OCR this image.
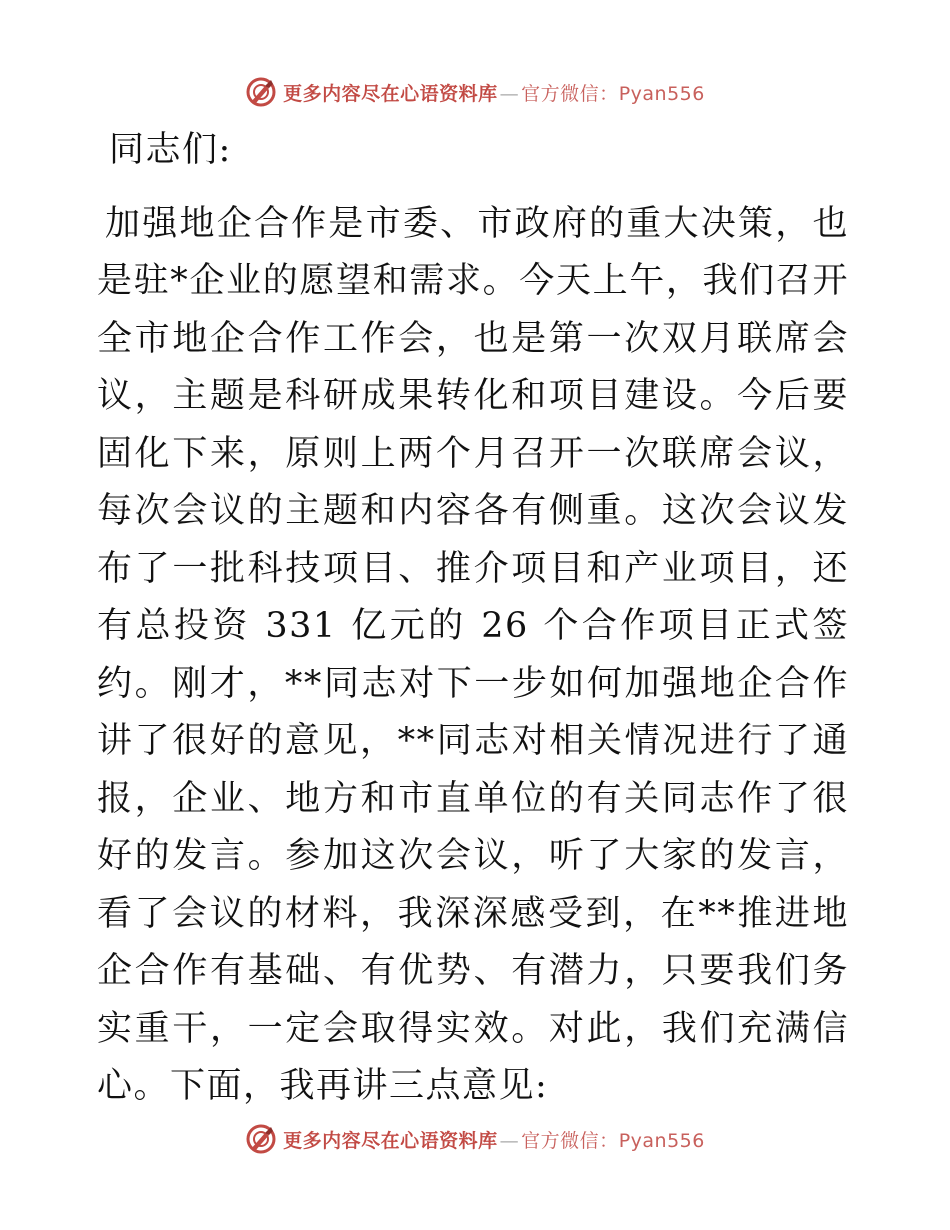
更多内容尽在心语资料库 — 官方微信：Pyan556

同志们:

加强地企合作是市委、市政府的重大决策，也是驻*企业的愿望和需求。今天上午，我们召开全市地企合作工作会，也是第一次双月联席会议，主题是科研成果转化和项目建设。今后要固化下来，原则上两个月召开一次联席会议，每次会议的主题和内容各有侧重。这次会议发布了一批科技项目、推介项目和产业项目，还有总投资 331 亿元的 26 个合作项目正式签约。刚才，**同志对下一步如何加强地企合作讲了很好的意见，**同志对相关情况进行了通报，企业、地方和市直单位的有关同志作了很好的发言。参加这次会议，听了大家的发言，看了会议的材料，我深深感受到，在**推进地企合作有基础、有优势、有潜力，只要我们务实重干，一定会取得实效。对此，我们充满信心。下面，我再讲三点意见:

更多内容尽在心语资料库 — 官方微信：Pyan556
